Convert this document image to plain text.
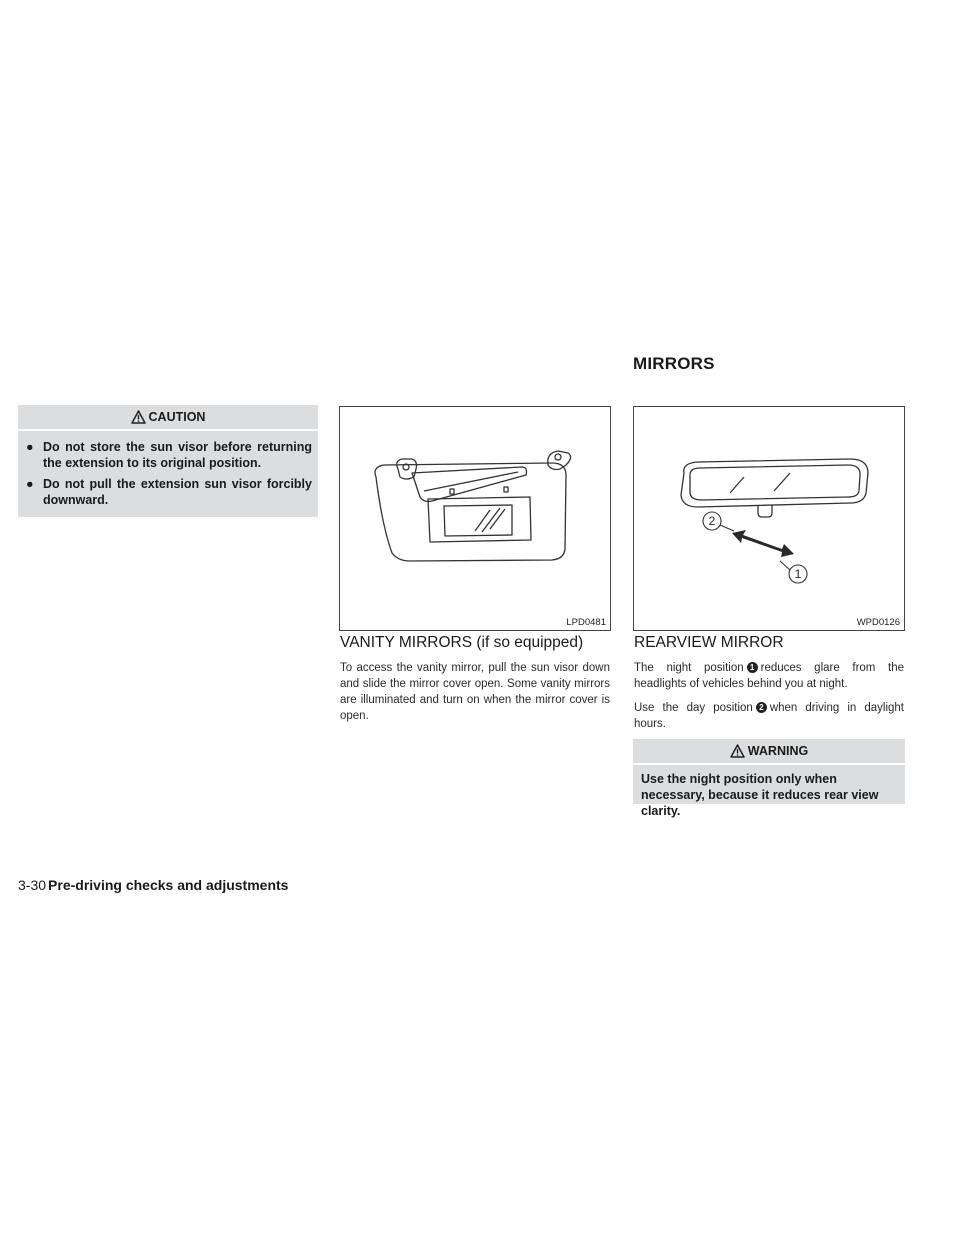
MIRRORS
CAUTION
● Do not store the sun visor before returning the extension to its original position.
● Do not pull the extension sun visor forcibly downward.
LPD0481
2
1
WPD0126
VANITY MIRRORS (if so equipped)
To access the vanity mirror, pull the sun visor down and slide the mirror cover open. Some vanity mirrors are illuminated and turn on when the mirror cover is open.
REARVIEW MIRROR
The night position 1 reduces glare from the headlights of vehicles behind you at night.
Use the day position 2 when driving in daylight hours.
WARNING
Use the night position only when necessary, because it reduces rear view clarity.
3-30 Pre-driving checks and adjustments
